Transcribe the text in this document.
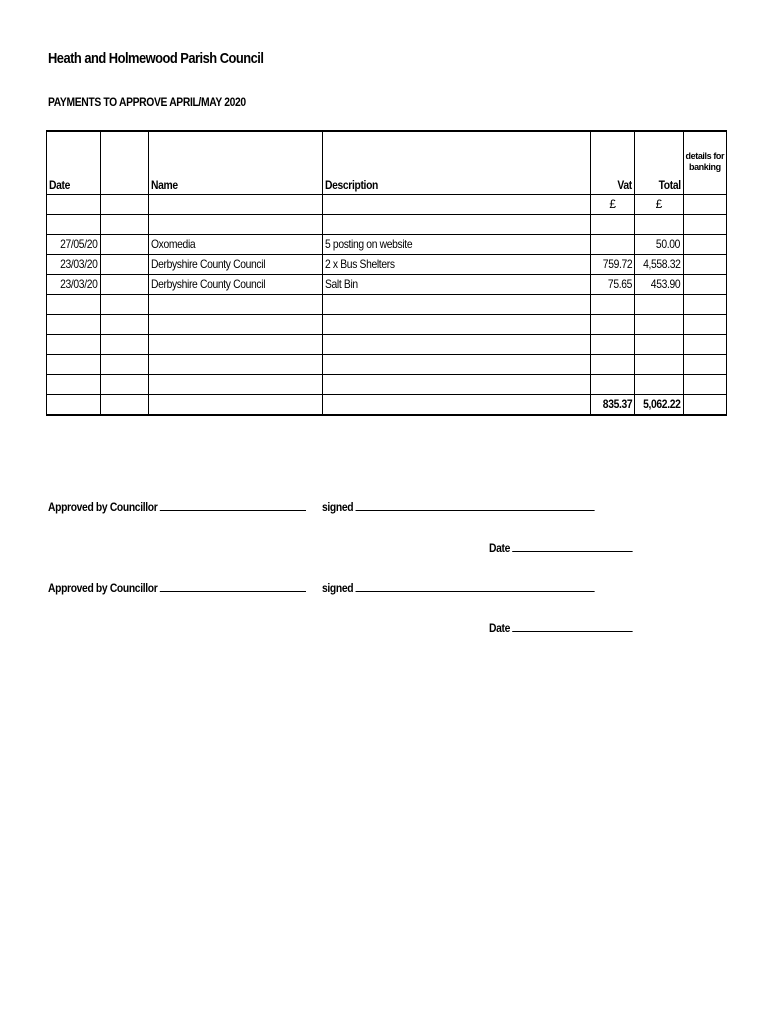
Heath and Holmewood Parish Council
PAYMENTS TO APPROVE APRIL/MAY 2020
Date		Name	Description	Vat	Total	details for
banking

				£	£	

27/05/20		Oxomedia	5 posting on website		50.00	
23/03/20		Derbyshire County Council	2 x Bus Shelters	759.72	4,558.32	
23/03/20		Derbyshire County Council	Salt Bin	75.65	453.90	

				835.37	5,062.22	
Approved by Councillor	signed
Date
Approved by Councillor	signed
Date
